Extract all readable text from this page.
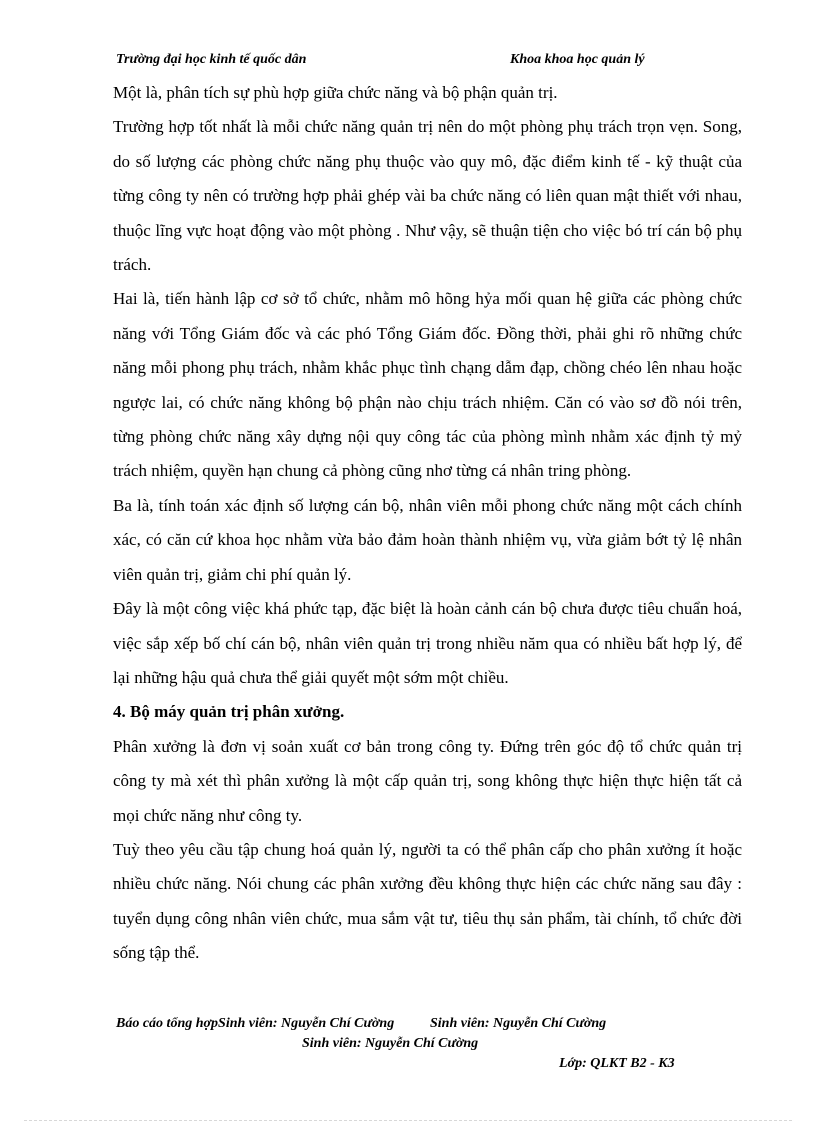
Trường đại học kinh tế quốc dân	Khoa khoa học quản lý

Một là, phân tích sự phù hợp giữa chức năng và bộ phận quản trị.

Trường hợp tốt nhất là mỗi chức năng quản trị nên do một phòng phụ trách trọn vẹn. Song, do số lượng các phòng chức năng phụ thuộc vào quy mô, đặc điểm kinh tế - kỹ thuật của từng công ty nên có trường hợp phải ghép vài ba chức năng có liên quan mật thiết với nhau, thuộc lĩng vực hoạt động vào một phòng . Như vậy, sẽ thuận tiện cho việc bó trí cán bộ phụ trách.

Hai là, tiến hành lập cơ sở tổ chức, nhằm mô hõng hỷa mối quan hệ giữa các phòng chức năng với Tổng Giám đốc và các phó Tổng Giám đốc. Đồng thời, phải ghi rõ những chức năng mỗi phong phụ trách, nhằm khắc phục tình chạng dẫm đạp, chồng chéo lên nhau hoặc ngược lai, có chức năng không bộ phận nào chịu trách nhiệm. Căn có vào sơ đồ nói trên, từng phòng chức năng xây dựng nội quy công tác của phòng mình nhằm xác định tỷ mỷ trách nhiệm, quyền hạn chung cả phòng cũng nhơ từng cá nhân tring phòng.

Ba là, tính toán xác định số lượng cán bộ, nhân viên mỗi phong chức năng một cách chính xác, có căn cứ khoa học nhằm vừa bảo đảm hoàn thành nhiệm vụ, vừa giảm bớt tỷ lệ nhân viên quản trị, giảm chi phí quản lý.

Đây là một công việc khá phức tạp, đặc biệt là hoàn cảnh cán bộ chưa được tiêu chuẩn hoá, việc sắp xếp bố chí cán bộ, nhân viên quản trị trong nhiều năm qua có nhiều bất hợp lý, để lại những hậu quả chưa thể giải quyết một sớm một chiều.

4. Bộ máy quản trị phân xưởng.

Phân xưởng là đơn vị soản xuất cơ bản trong công ty. Đứng trên góc độ tổ chức quản trị công ty mà xét thì phân xưởng là một cấp quản trị, song không thực hiện thực hiện tất cả mọi chức năng như công ty.

Tuỳ theo yêu cầu tập chung hoá quản lý, người ta có thể phân cấp cho phân xưởng ít hoặc nhiều chức năng. Nói chung các phân xưởng đều không thực hiện các chức năng sau đây : tuyển dụng công nhân viên chức, mua sắm vật tư, tiêu thụ sản phẩm, tài chính, tổ chức đời sống tập thể.

Báo cáo tổng hợpSinh viên: Nguyễn Chí Cường	Sinh viên: Nguyễn Chí Cường
Sinh viên: Nguyễn Chí Cường
Lớp: QLKT B2 - K3
